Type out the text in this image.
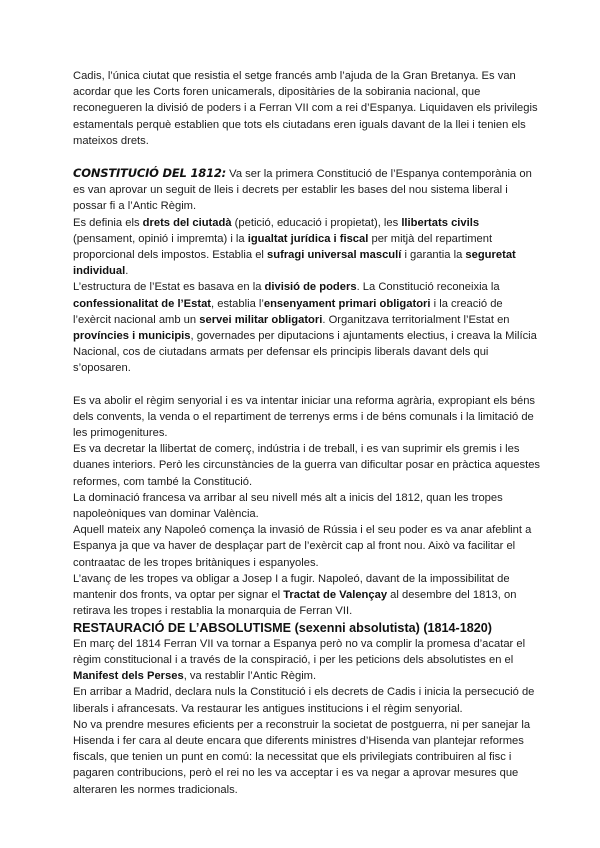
Cadis, l’única ciutat que resistia el setge francés amb l’ajuda de la Gran Bretanya. Es van acordar que les Corts foren unicamerals, dipositàries de la sobirania nacional, que reconegueren la divisió de poders i a Ferran VII com a rei d’Espanya. Liquidaven els privilegis estamentals perquè establien que tots els ciutadans eren iguals davant de la llei i tenien els mateixos drets.

CONSTITUCIÓ DEL 1812: Va ser la primera Constitució de l’Espanya contemporània on es van aprovar un seguit de lleis i decrets per establir les bases del nou sistema liberal i possar fi a l’Antic Règim.

Es definia els drets del ciutadà (petició, educació i propietat), les llibertats civils (pensament, opinió i impremta) i la igualtat jurídica i fiscal per mitjà del repartiment proporcional dels impostos. Establia el sufragi universal masculí i garantia la seguretat individual.

L’estructura de l’Estat es basava en la divisió de poders. La Constitució reconeixia la confessionalitat de l’Estat, establia l’ensenyament primari obligatori i la creació de l’exèrcit nacional amb un servei militar obligatori. Organitzava territorialment l’Estat en províncies i municipis, governades per diputacions i ajuntaments electius, i creava la Milícia Nacional, cos de ciutadans armats per defensar els principis liberals davant dels qui s’oposaren.

Es va abolir el règim senyorial i es va intentar iniciar una reforma agrària, expropiant els béns dels convents, la venda o el repartiment de terrenys erms i de béns comunals i la limitació de les primogenitures.

Es va decretar la llibertat de comerç, indústria i de treball, i es van suprimir els gremis i les duanes interiors. Però les circunstàncies de la guerra van dificultar posar en pràctica aquestes reformes, com també la Constitució.

La dominació francesa va arribar al seu nivell més alt a inicis del 1812, quan les tropes napoleòniques van dominar València.

Aquell mateix any Napoleó començа la invasió de Rússia i el seu poder es va anar afeblint a Espanya ja que va haver de desplaçar part de l’exèrcit cap al front nou. Això va facilitar el contraatac de les tropes britàniques i espanyoles.

L’avanç de les tropes va obligar a Josep I a fugir. Napoleó, davant de la impossibilitat de mantenir dos fronts, va optar per signar el Tractat de Valençay al desembre del 1813, on retirava les tropes i restablia la monarquia de Ferran VII.

RESTAURACIÓ DE L’ABSOLUTISME (sexenni absolutista) (1814-1820)

En març del 1814 Ferran VII va tornar a Espanya però no va complir la promesa d’acatar el règim constitucional i a través de la conspiració, i per les peticions dels absolutistes en el Manifest dels Perses, va restablir l’Antic Règim.

En arribar a Madrid, declara nuls la Constitució i els decrets de Cadis i inicia la persecució de liberals i afrancesats. Va restaurar les antigues institucions i el règim senyorial.

No va prendre mesures eficients per a reconstruir la societat de postguerra, ni per sanejar la Hisenda i fer cara al deute encara que diferents ministres d’Hisenda van plantejar reformes fiscals, que tenien un punt en comú: la necessitat que els privilegiats contribuiren al fisc i pagaren contribucions, però el rei no les va acceptar i es va negar a aprovar mesures que alteraren les normes tradicionals.
